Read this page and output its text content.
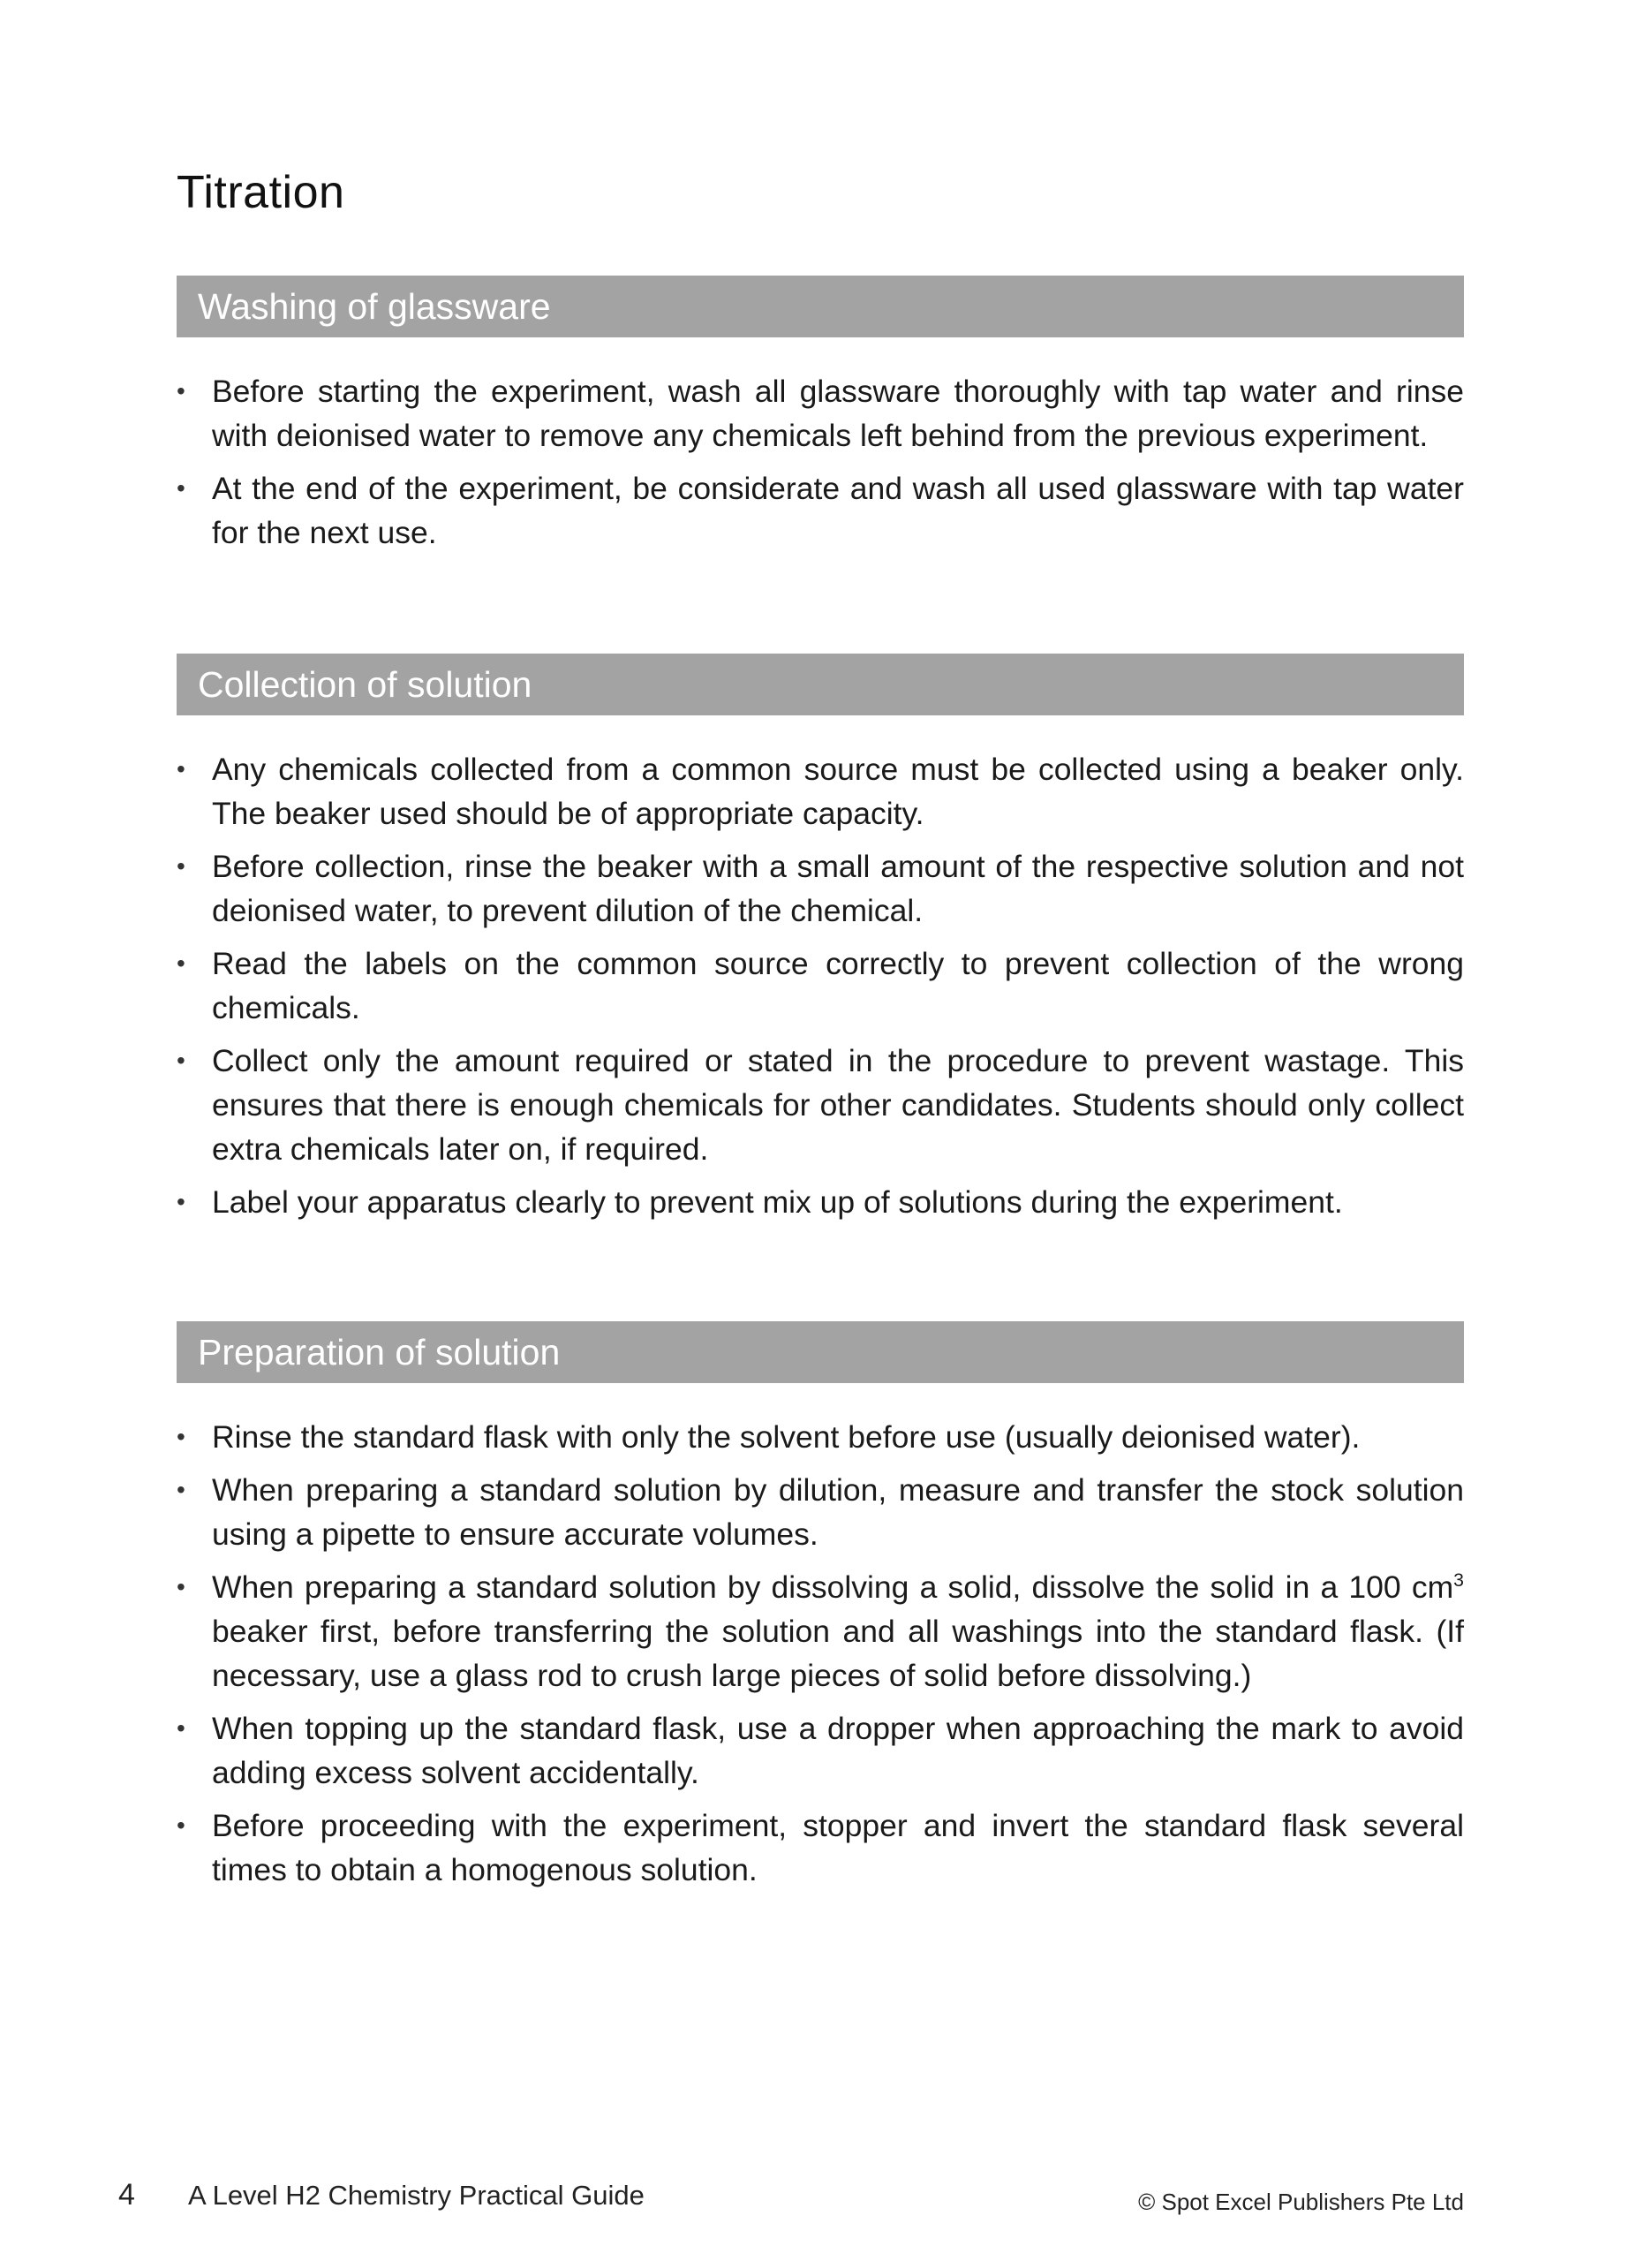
Titration
Washing of glassware
• Before starting the experiment, wash all glassware thoroughly with tap water and rinse with deionised water to remove any chemicals left behind from the previous experiment.
• At the end of the experiment, be considerate and wash all used glassware with tap water for the next use.
Collection of solution
• Any chemicals collected from a common source must be collected using a beaker only. The beaker used should be of appropriate capacity.
• Before collection, rinse the beaker with a small amount of the respective solution and not deionised water, to prevent dilution of the chemical.
• Read the labels on the common source correctly to prevent collection of the wrong chemicals.
• Collect only the amount required or stated in the procedure to prevent wastage. This ensures that there is enough chemicals for other candidates. Students should only collect extra chemicals later on, if required.
• Label your apparatus clearly to prevent mix up of solutions during the experiment.
Preparation of solution
• Rinse the standard flask with only the solvent before use (usually deionised water).
• When preparing a standard solution by dilution, measure and transfer the stock solution using a pipette to ensure accurate volumes.
• When preparing a standard solution by dissolving a solid, dissolve the solid in a 100 $cm^3$ beaker first, before transferring the solution and all washings into the standard flask. (If necessary, use a glass rod to crush large pieces of solid before dissolving.)
• When topping up the standard flask, use a dropper when approaching the mark to avoid adding excess solvent accidentally.
• Before proceeding with the experiment, stopper and invert the standard flask several times to obtain a homogenous solution.
4 A Level H2 Chemistry Practical Guide	© Spot Excel Publishers Pte Ltd
